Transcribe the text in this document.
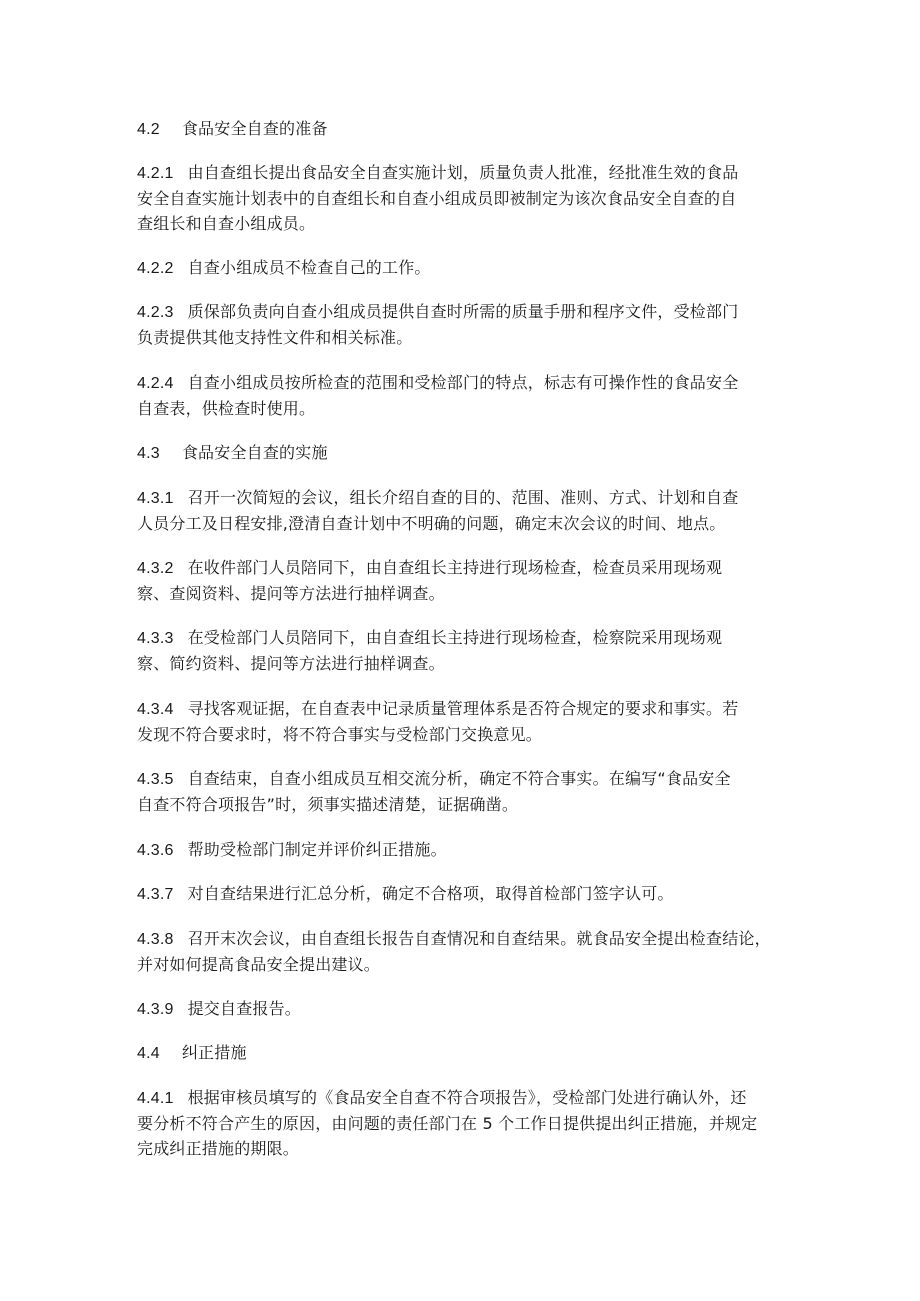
4.2 食品安全自查的准备
4.2.1 由自查组长提出食品安全自查实施计划，质量负责人批准，经批准生效的食品
安全自查实施计划表中的自查组长和自查小组成员即被制定为该次食品安全自查的自
查组长和自查小组成员。
4.2.2 自查小组成员不检查自己的工作。
4.2.3 质保部负责向自查小组成员提供自查时所需的质量手册和程序文件，受检部门
负责提供其他支持性文件和相关标准。
4.2.4 自查小组成员按所检查的范围和受检部门的特点，标志有可操作性的食品安全
自查表，供检查时使用。
4.3 食品安全自查的实施
4.3.1 召开一次简短的会议，组长介绍自查的目的、范围、准则、方式、计划和自查
人员分工及日程安排,澄清自查计划中不明确的问题，确定末次会议的时间、地点。
4.3.2 在收件部门人员陪同下，由自查组长主持进行现场检查，检查员采用现场观
察、查阅资料、提问等方法进行抽样调查。
4.3.3 在受检部门人员陪同下，由自查组长主持进行现场检查，检察院采用现场观
察、简约资料、提问等方法进行抽样调查。
4.3.4 寻找客观证据，在自查表中记录质量管理体系是否符合规定的要求和事实。若
发现不符合要求时，将不符合事实与受检部门交换意见。
4.3.5 自查结束，自查小组成员互相交流分析，确定不符合事实。在编写“食品安全
自查不符合项报告”时，须事实描述清楚，证据确凿。
4.3.6 帮助受检部门制定并评价纠正措施。
4.3.7 对自查结果进行汇总分析，确定不合格项，取得首检部门签字认可。
4.3.8 召开末次会议，由自查组长报告自查情况和自查结果。就食品安全提出检查结论，
并对如何提高食品安全提出建议。
4.3.9 提交自查报告。
4.4 纠正措施
4.4.1 根据审核员填写的《食品安全自查不符合项报告》，受检部门处进行确认外，还
要分析不符合产生的原因，由问题的责任部门在 5 个工作日提供提出纠正措施，并规定
完成纠正措施的期限。
